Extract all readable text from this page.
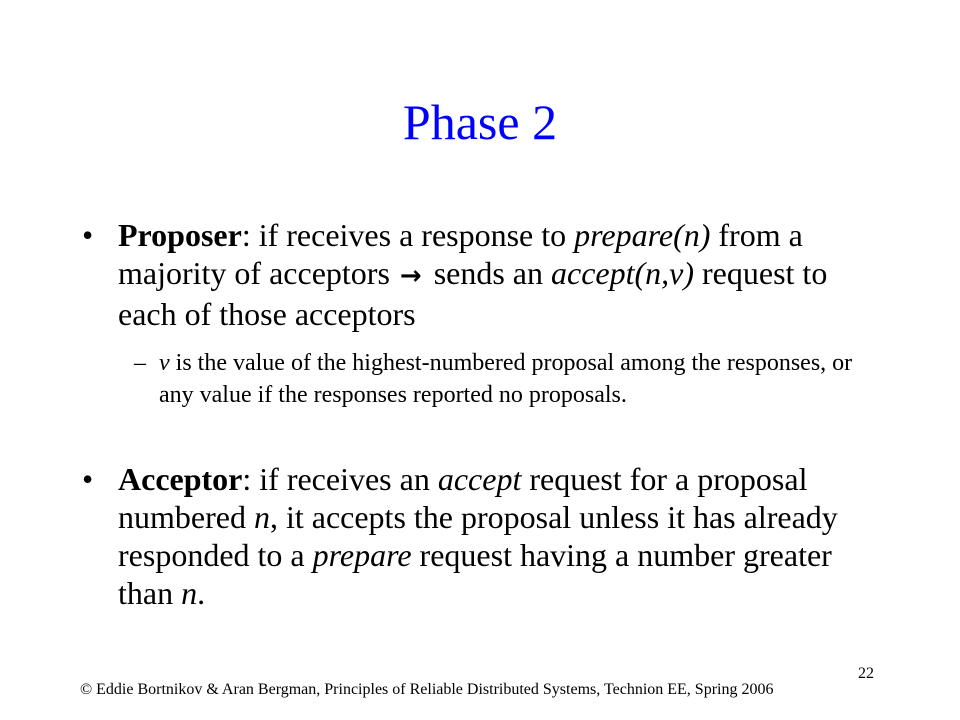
Phase 2
• Proposer: if receives a response to prepare(n) from a majority of acceptors → sends an accept(n,v) request to each of those acceptors
– v is the value of the highest-numbered proposal among the responses, or any value if the responses reported no proposals.
• Acceptor: if receives an accept request for a proposal numbered n, it accepts the proposal unless it has already responded to a prepare request having a number greater than n.
22
© Eddie Bortnikov & Aran Bergman, Principles of Reliable Distributed Systems, Technion EE, Spring 2006
